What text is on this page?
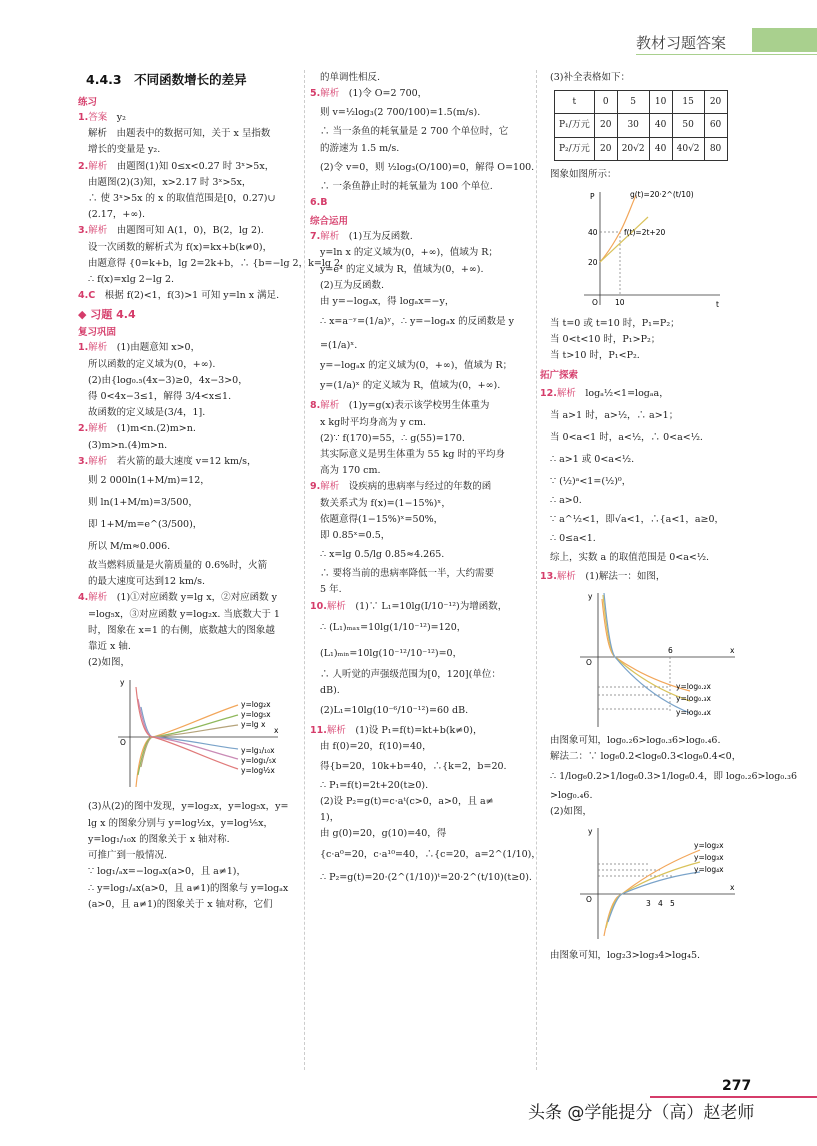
教材习题答案
4.4.3　不同函数增长的差异
练习
1.答案　 y₂
解析　由题表中的数据可知，关于 x 呈指数
增长的变量是 y₂.
2.解析　 由题图(1)知 0≤x<0.27 时 3ˣ>5x，
由题图(2)(3)知，x>2.17 时 3ˣ>5x，
∴ 使 3ˣ>5x 的 x 的取值范围是[0，0.27)∪
(2.17，+∞).
3.解析　 由题图可知 A(1，0)，B(2，lg 2).
设一次函数的解析式为 f(x)=kx+b(k≠0)，
由题意得 {0=k+b，lg 2=2k+b，∴ {b=−lg 2，k=lg 2，
∴ f(x)=xlg 2−lg 2.
4.C　 根据 f(2)<1，f(3)>1 可知 y=ln x 满足.
◆ 习题 4.4
复习巩固
1.解析　 (1)由题意知 x>0，
所以函数的定义域为(0，+∞).
(2)由{log₀.₅(4x−3)≥0，4x−3>0，
得 0<4x−3≤1，解得 3/4<x≤1.
故函数的定义域是(3/4，1].
2.解析　 (1)m<n.(2)m>n.
(3)m>n.(4)m>n.
3.解析　 若火箭的最大速度 v=12 km/s，
则 2 000ln(1+M/m)=12，
则 ln(1+M/m)=3/500，
即 1+M/m=e^(3/500)，
所以 M/m≈0.006.
故当燃料质量是火箭质量的 0.6%时，火箭
的最大速度可达到12 km/s.
4.解析　 (1)①对应函数 y=lg x，②对应函数 y
=log₅x，③对应函数 y=log₂x. 当底数大于 1
时，图象在 x=1 的右侧，底数越大的图象越
靠近 x 轴.
(2)如图，
x
y
O
y=log₂x
y=log₅x
y=lg x
y=lg₁/₁₀x
y=log₁/₅x
y=log½x
(3)从(2)的图中发现，y=log₂x，y=log₅x，y=
lg x 的图象分别与 y=log½x，y=log⅕x，
y=log₁/₁₀x 的图象关于 x 轴对称.
可推广到一般情况.
∵ log₁/ₐx=−logₐx(a>0，且 a≠1)，
∴ y=log₁/ₐx(a>0，且 a≠1)的图象与 y=logₐx
(a>0，且 a≠1)的图象关于 x 轴对称，它们
的单调性相反.
5.解析　 (1)令 O=2 700，
则 v=½log₃(2 700/100)=1.5(m/s).
∴ 当一条鱼的耗氧量是 2 700 个单位时，它
的游速为 1.5 m/s.
(2)令 v=0，则 ½log₃(O/100)=0，解得 O=100.
∴ 一条鱼静止时的耗氧量为 100 个单位.
6.B
综合运用
7.解析　 (1)互为反函数.
y=ln x 的定义域为(0，+∞)，值域为 R；
y=eˣ 的定义域为 R，值域为(0，+∞).
(2)互为反函数.
由 y=−logₐx，得 logₐx=−y，
∴ x=a⁻ʸ=(1/a)ʸ，∴ y=−logₐx 的反函数是 y
=(1/a)ˣ.
y=−logₐx 的定义域为(0，+∞)，值域为 R；
y=(1/a)ˣ 的定义域为 R，值域为(0，+∞).
8.解析　 (1)y=g(x)表示该学校男生体重为
x kg时平均身高为 y cm.
(2)∵ f(170)=55，∴ g(55)=170.
其实际意义是男生体重为 55 kg 时的平均身
高为 170 cm.
9.解析　 设疾病的患病率与经过的年数的函
数关系式为 f(x)=(1−15%)ˣ，
依题意得(1−15%)ˣ=50%，
即 0.85ˣ=0.5，
∴ x=lg 0.5/lg 0.85≈4.265.
∴ 要将当前的患病率降低一半，大约需要
5 年.
10.解析　 (1)∵ L₁=10lg(I/10⁻¹²)为增函数，
∴ (L₁)ₘₐₓ=10lg(1/10⁻¹²)=120，
(L₁)ₘᵢₙ=10lg(10⁻¹²/10⁻¹²)=0，
∴ 人听觉的声强级范围为[0，120](单位：
dB).
(2)L₁=10lg(10⁻⁶/10⁻¹²)=60 dB.
11.解析　 (1)设 P₁=f(t)=kt+b(k≠0)，
由 f(0)=20，f(10)=40，
得{b=20，10k+b=40，∴{k=2，b=20.
∴ P₁=f(t)=2t+20(t≥0).
(2)设 P₂=g(t)=c·aᵗ(c>0，a>0，且 a≠
1)，
由 g(0)=20，g(10)=40，得
{c·a⁰=20，c·a¹⁰=40，∴{c=20，a=2^(1/10)，
∴ P₂=g(t)=20·(2^(1/10))ᵗ=20·2^(t/10)(t≥0).
(3)补全表格如下：
t	0	5	10	15	20
P₁/万元	20	30	40	50	60
P₂/万元	20	20√2	40	40√2	80
图象如图所示：
P
t
O
40
20
10
g(t)=20·2^(t/10)
f(t)=2t+20
当 t=0 或 t=10 时，P₁=P₂；
当 0<t<10 时，P₁>P₂；
当 t>10 时，P₁<P₂.
拓广探索
12.解析　 logₐ½<1=logₐa，
当 a>1 时，a>½，∴ a>1；
当 0<a<1 时，a<½，∴ 0<a<½.
∴ a>1 或 0<a<½.
∵ (½)ᵃ<1=(½)⁰，
∴ a>0.
∵ a^½<1，即√a<1，∴{a<1，a≥0，
∴ 0≤a<1.
综上，实数 a 的取值范围是 0<a<½.
13.解析　 (1)解法一：如图，
x
y
O
6
y=log₀.₂x
y=log₀.₃x
y=log₀.₄x
由图象可知，log₀.₂6>log₀.₃6>log₀.₄6.
解法二：∵ log₆0.2<log₆0.3<log₆0.4<0，
∴ 1/log₆0.2>1/log₆0.3>1/log₆0.4，即 log₀.₂6>log₀.₃6
>log₀.₄6.
(2)如图，
x
y
O	3 4 5
y=log₂x
y=log₃x
y=log₄x
由图象可知，log₂3>log₃4>log₄5.
277
头条 @学能提分（高）赵老师
